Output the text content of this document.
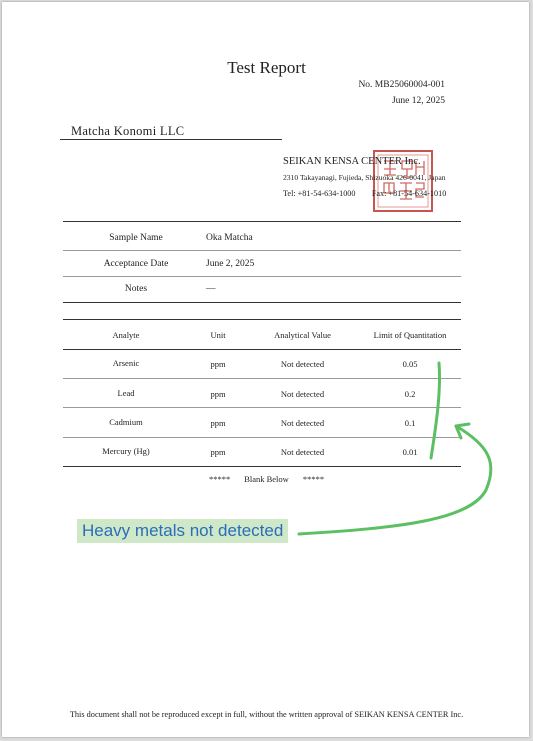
Test Report
No. MB25060004-001
June 12, 2025
Matcha Konomi LLC
SEIKAN KENSA CENTER Inc.
2310 Takayanagi, Fujieda, Shizuoka 426-0041, Japan
Tel: +81-54-634-1000        Fax: +81-54-634-1010
Sample Name	Oka Matcha
Acceptance Date	June 2, 2025
Notes	—
Analyte	Unit	Analytical Value	Limit of Quantitation
Arsenic	ppm	Not detected	0.05
Lead	ppm	Not detected	0.2
Cadmium	ppm	Not detected	0.1
Mercury (Hg)	ppm	Not detected	0.01
***** Blank Below *****
Heavy metals not detected
This document shall not be reproduced except in full, without the written approval of SEIKAN KENSA CENTER Inc.
